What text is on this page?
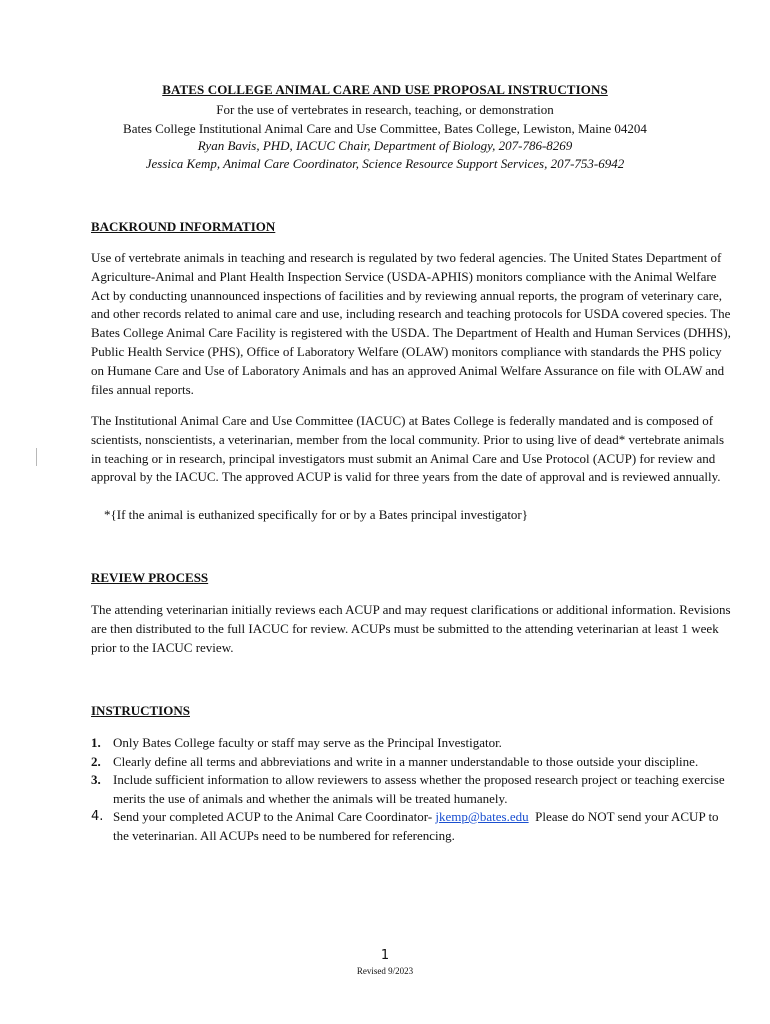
BATES COLLEGE ANIMAL CARE AND USE PROPOSAL INSTRUCTIONS
For the use of vertebrates in research, teaching, or demonstration
Bates College Institutional Animal Care and Use Committee, Bates College, Lewiston, Maine 04204
Ryan Bavis, PHD, IACUC Chair, Department of Biology, 207-786-8269
Jessica Kemp, Animal Care Coordinator, Science Resource Support Services, 207-753-6942
BACKROUND INFORMATION
Use of vertebrate animals in teaching and research is regulated by two federal agencies. The United States Department of Agriculture-Animal and Plant Health Inspection Service (USDA-APHIS) monitors compliance with the Animal Welfare Act by conducting unannounced inspections of facilities and by reviewing annual reports, the program of veterinary care, and other records related to animal care and use, including research and teaching protocols for USDA covered species. The Bates College Animal Care Facility is registered with the USDA. The Department of Health and Human Services (DHHS), Public Health Service (PHS), Office of Laboratory Welfare (OLAW) monitors compliance with standards the PHS policy on Humane Care and Use of Laboratory Animals and has an approved Animal Welfare Assurance on file with OLAW and files annual reports.
The Institutional Animal Care and Use Committee (IACUC) at Bates College is federally mandated and is composed of scientists, nonscientists, a veterinarian, member from the local community. Prior to using live of dead* vertebrate animals in teaching or in research, principal investigators must submit an Animal Care and Use Protocol (ACUP) for review and approval by the IACUC. The approved ACUP is valid for three years from the date of approval and is reviewed annually.
*{If the animal is euthanized specifically for or by a Bates principal investigator}
REVIEW PROCESS
The attending veterinarian initially reviews each ACUP and may request clarifications or additional information. Revisions are then distributed to the full IACUC for review. ACUPs must be submitted to the attending veterinarian at least 1 week prior to the IACUC review.
INSTRUCTIONS
1. Only Bates College faculty or staff may serve as the Principal Investigator.
2. Clearly define all terms and abbreviations and write in a manner understandable to those outside your discipline.
3. Include sufficient information to allow reviewers to assess whether the proposed research project or teaching exercise merits the use of animals and whether the animals will be treated humanely.
4. Send your completed ACUP to the Animal Care Coordinator- jkemp@bates.edu  Please do NOT send your ACUP to the veterinarian. All ACUPs need to be numbered for referencing.
1
Revised 9/2023
